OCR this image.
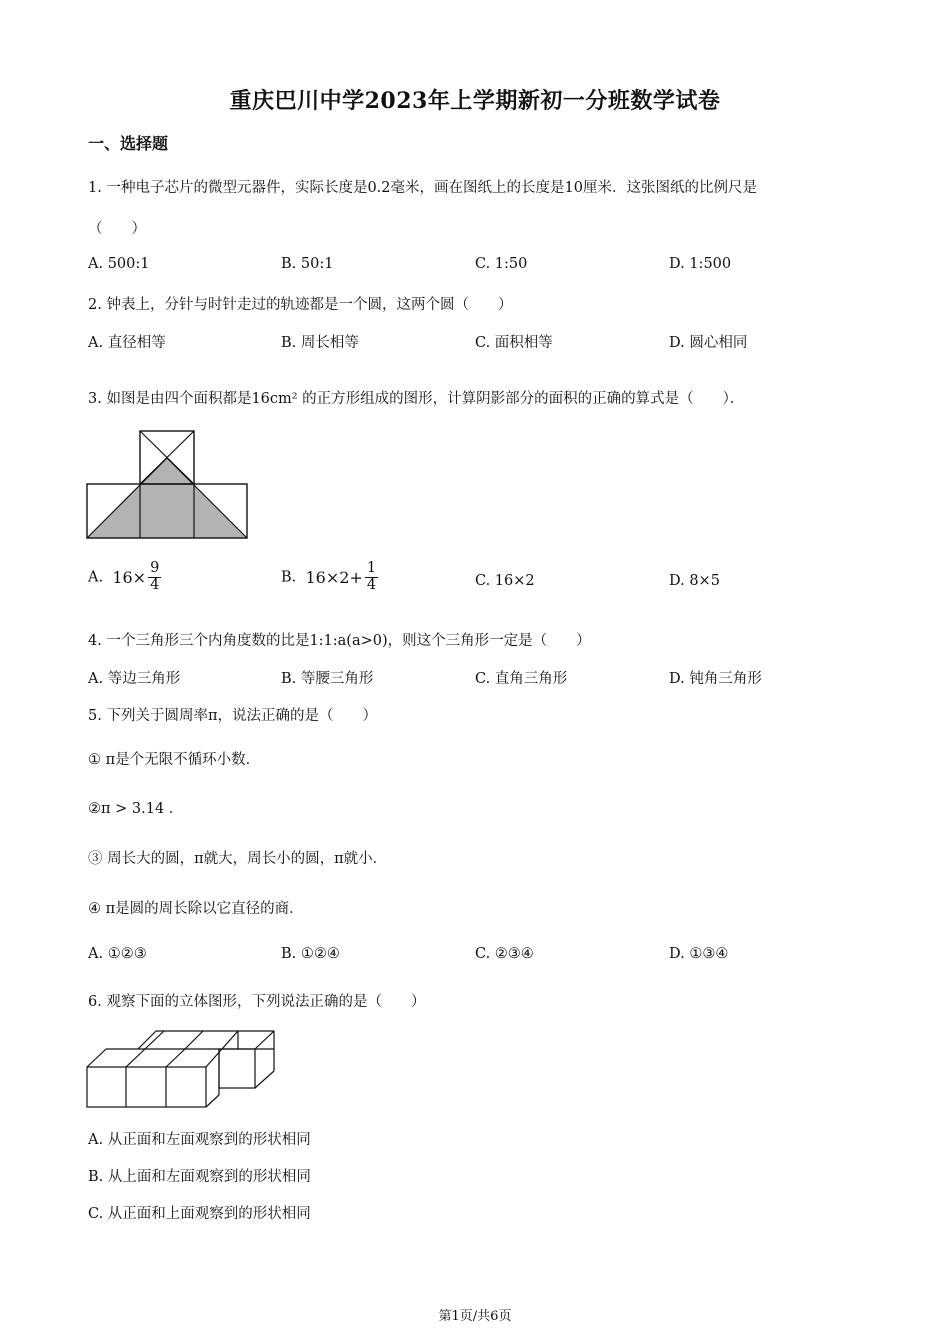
重庆巴川中学2023年上学期新初一分班数学试卷
一、选择题
1. 一种电子芯片的微型元器件，实际长度是0.2毫米，画在图纸上的长度是10厘米．这张图纸的比例尺是
（　　）
A. 500:1	B. 50:1	C. 1:50	D. 1:500
2. 钟表上，分针与时针走过的轨迹都是一个圆，这两个圆（　　）
A. 直径相等	B. 周长相等	C. 面积相等	D. 圆心相同
3. 如图是由四个面积都是16cm² 的正方形组成的图形，计算阴影部分的面积的正确的算式是（　　）．
A. $16\times \frac{9}{4}$	B. $16\times 2+ \frac{1}{4}$	C. 16×2	D. 8×5
4. 一个三角形三个内角度数的比是1:1:a(a>0)，则这个三角形一定是（　　）
A. 等边三角形	B. 等腰三角形	C. 直角三角形	D. 钝角三角形
5. 下列关于圆周率π，说法正确的是（　　）
① π是个无限不循环小数．
②π > 3.14 ．
③ 周长大的圆，π就大，周长小的圆，π就小．
④ π是圆的周长除以它直径的商．
A. ①②③	B. ①②④	C. ②③④	D. ①③④
6. 观察下面的立体图形，下列说法正确的是（　　）
A. 从正面和左面观察到的形状相同
B. 从上面和左面观察到的形状相同
C. 从正面和上面观察到的形状相同
第1页/共6页
